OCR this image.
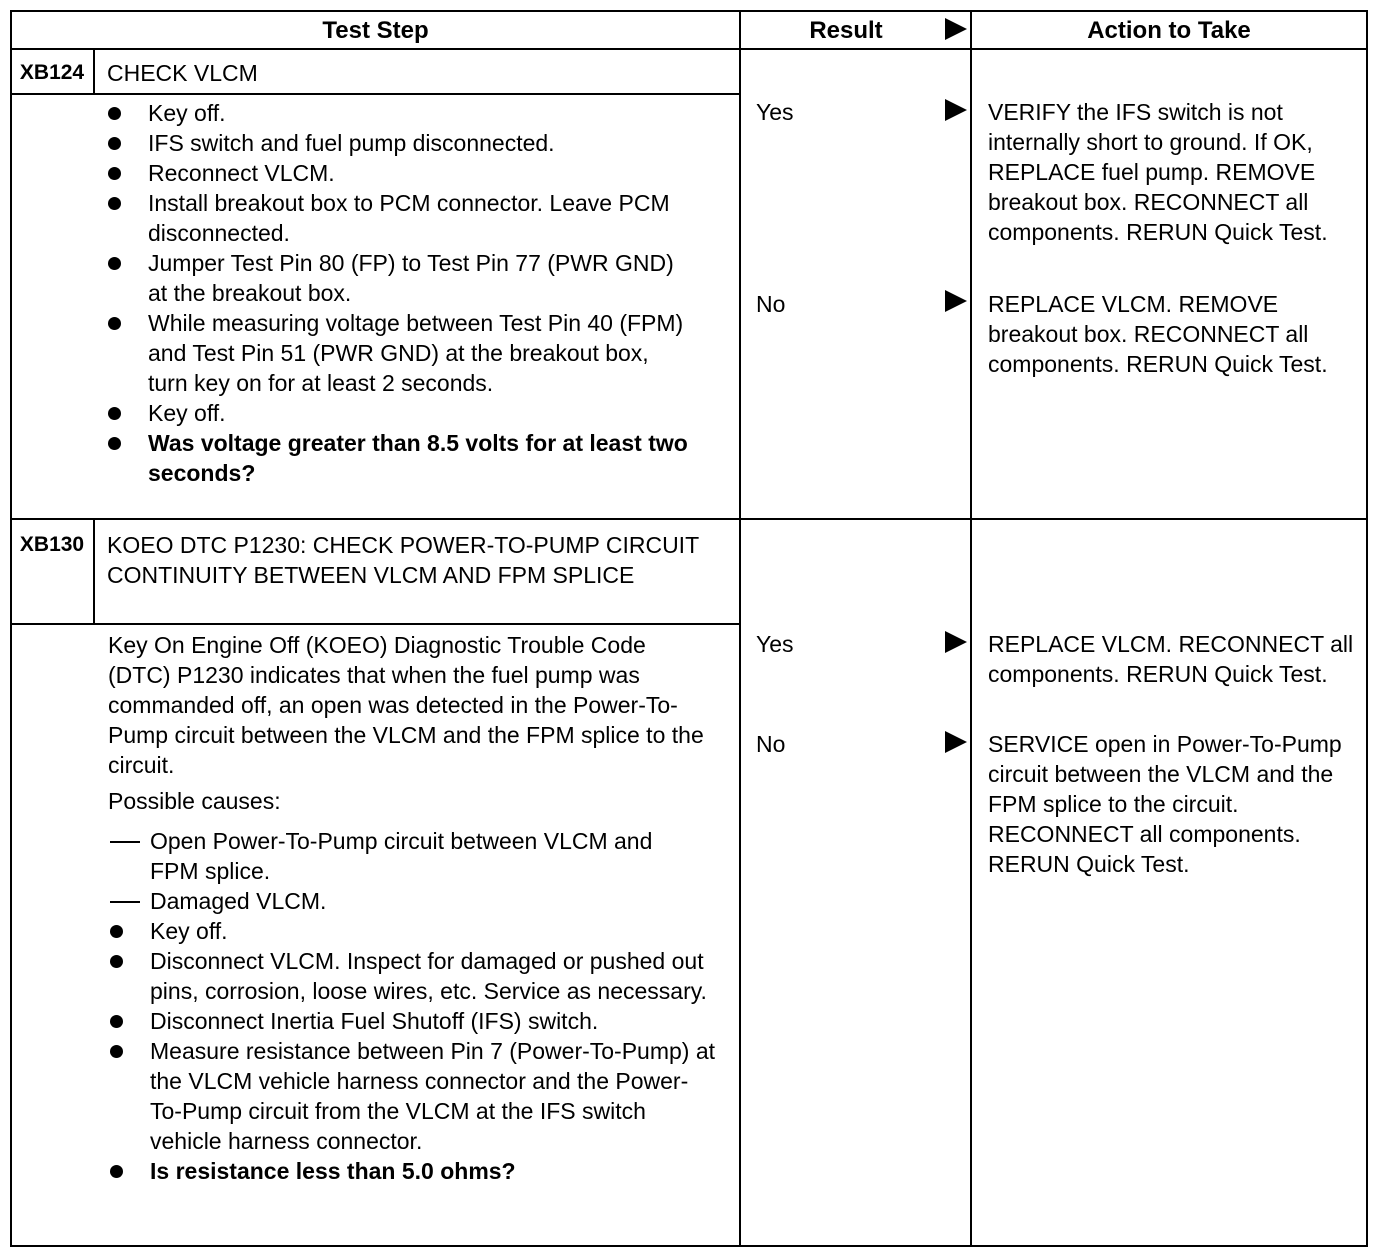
Test Step	Result	Action to Take
XB124 CHECK VLCM
Key off.
IFS switch and fuel pump disconnected.
Reconnect VLCM.
Install breakout box to PCM connector. Leave PCM disconnected.
Jumper Test Pin 80 (FP) to Test Pin 77 (PWR GND) at the breakout box.
While measuring voltage between Test Pin 40 (FPM) and Test Pin 51 (PWR GND) at the breakout box, turn key on for at least 2 seconds.
Key off.
Was voltage greater than 8.5 volts for at least two seconds?
Yes	VERIFY the IFS switch is not internally short to ground. If OK, REPLACE fuel pump. REMOVE breakout box. RECONNECT all components. RERUN Quick Test.
No	REPLACE VLCM. REMOVE breakout box. RECONNECT all components. RERUN Quick Test.
XB130 KOEO DTC P1230: CHECK POWER-TO-PUMP CIRCUIT CONTINUITY BETWEEN VLCM AND FPM SPLICE
Key On Engine Off (KOEO) Diagnostic Trouble Code (DTC) P1230 indicates that when the fuel pump was commanded off, an open was detected in the Power-To-Pump circuit between the VLCM and the FPM splice to the circuit.
Possible causes:
Open Power-To-Pump circuit between VLCM and FPM splice.
Damaged VLCM.
Key off.
Disconnect VLCM. Inspect for damaged or pushed out pins, corrosion, loose wires, etc. Service as necessary.
Disconnect Inertia Fuel Shutoff (IFS) switch.
Measure resistance between Pin 7 (Power-To-Pump) at the VLCM vehicle harness connector and the Power-To-Pump circuit from the VLCM at the IFS switch vehicle harness connector.
Is resistance less than 5.0 ohms?
Yes	REPLACE VLCM. RECONNECT all components. RERUN Quick Test.
No	SERVICE open in Power-To-Pump circuit between the VLCM and the FPM splice to the circuit. RECONNECT all components. RERUN Quick Test.
